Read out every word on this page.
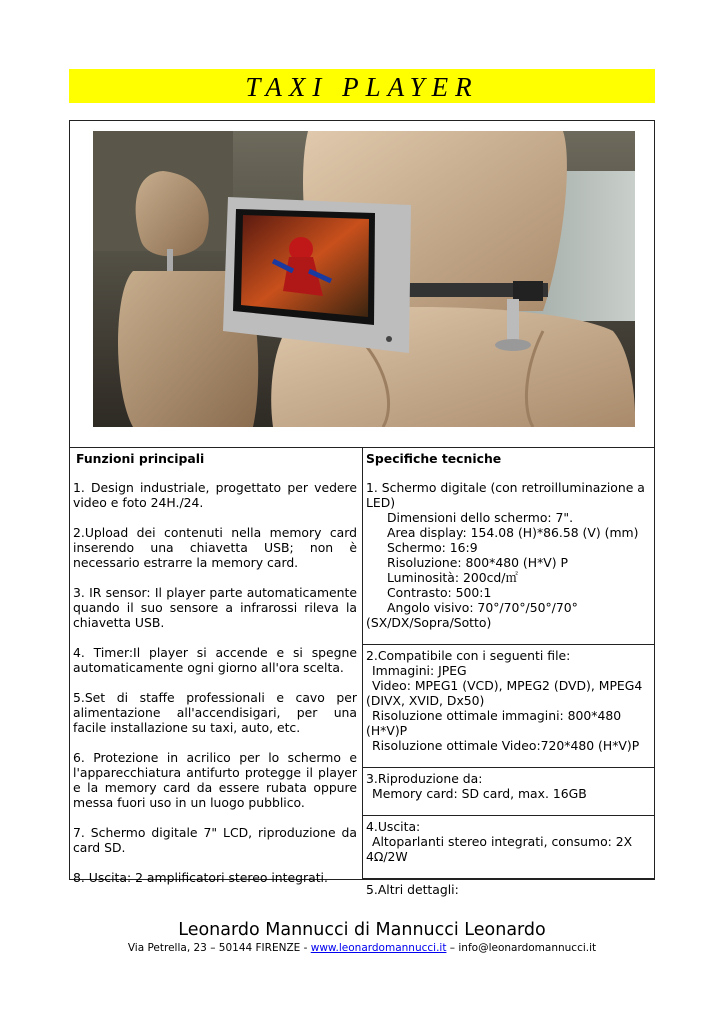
TAXI PLAYER
Funzioni principali

1. Design industriale, progettato per vedere video e foto 24H./24.

2.Upload dei contenuti nella memory card inserendo una chiavetta USB; non è necessario estrarre la memory card.

3. IR sensor: Il player parte automaticamente quando il suo sensore a infrarossi rileva la chiavetta USB.

4. Timer:Il player si accende e si spegne automaticamente ogni giorno all'ora scelta.

5.Set di staffe professionali e cavo per alimentazione all'accendisigari, per una facile installazione su taxi, auto, etc.

6. Protezione in acrilico per lo schermo e l'apparecchiatura antifurto protegge il player e la memory card da essere rubata oppure messa fuori uso in un luogo pubblico.

7. Schermo digitale 7" LCD, riproduzione da card SD.

8. Uscita: 2 amplificatori stereo integrati.

Specifiche tecniche

1. Schermo digitale (con retroilluminazione a LED)

Dimensioni dello schermo: 7".

Area display: 154.08 (H)*86.58 (V) (mm)

Schermo: 16:9

Risoluzione: 800*480 (H*V) P

Luminosità: 200cd/㎡

Contrasto: 500:1

Angolo visivo: 70°/70°/50°/70°

(SX/DX/Sopra/Sotto)

2.Compatibile con i seguenti file:

Immagini: JPEG

Video: MPEG1 (VCD), MPEG2 (DVD), MPEG4

(DIVX, XVID, Dx50)

Risoluzione ottimale immagini: 800*480

(H*V)P

Risoluzione ottimale Video:720*480 (H*V)P

3.Riproduzione da:

Memory card: SD card, max. 16GB

4.Uscita:

Altoparlanti stereo integrati, consumo: 2X

4Ω/2W

5.Altri dettagli:

Leonardo Mannucci di Mannucci Leonardo
Via Petrella, 23 – 50144 FIRENZE - www.leonardomannucci.it – info@leonardomannucci.it
